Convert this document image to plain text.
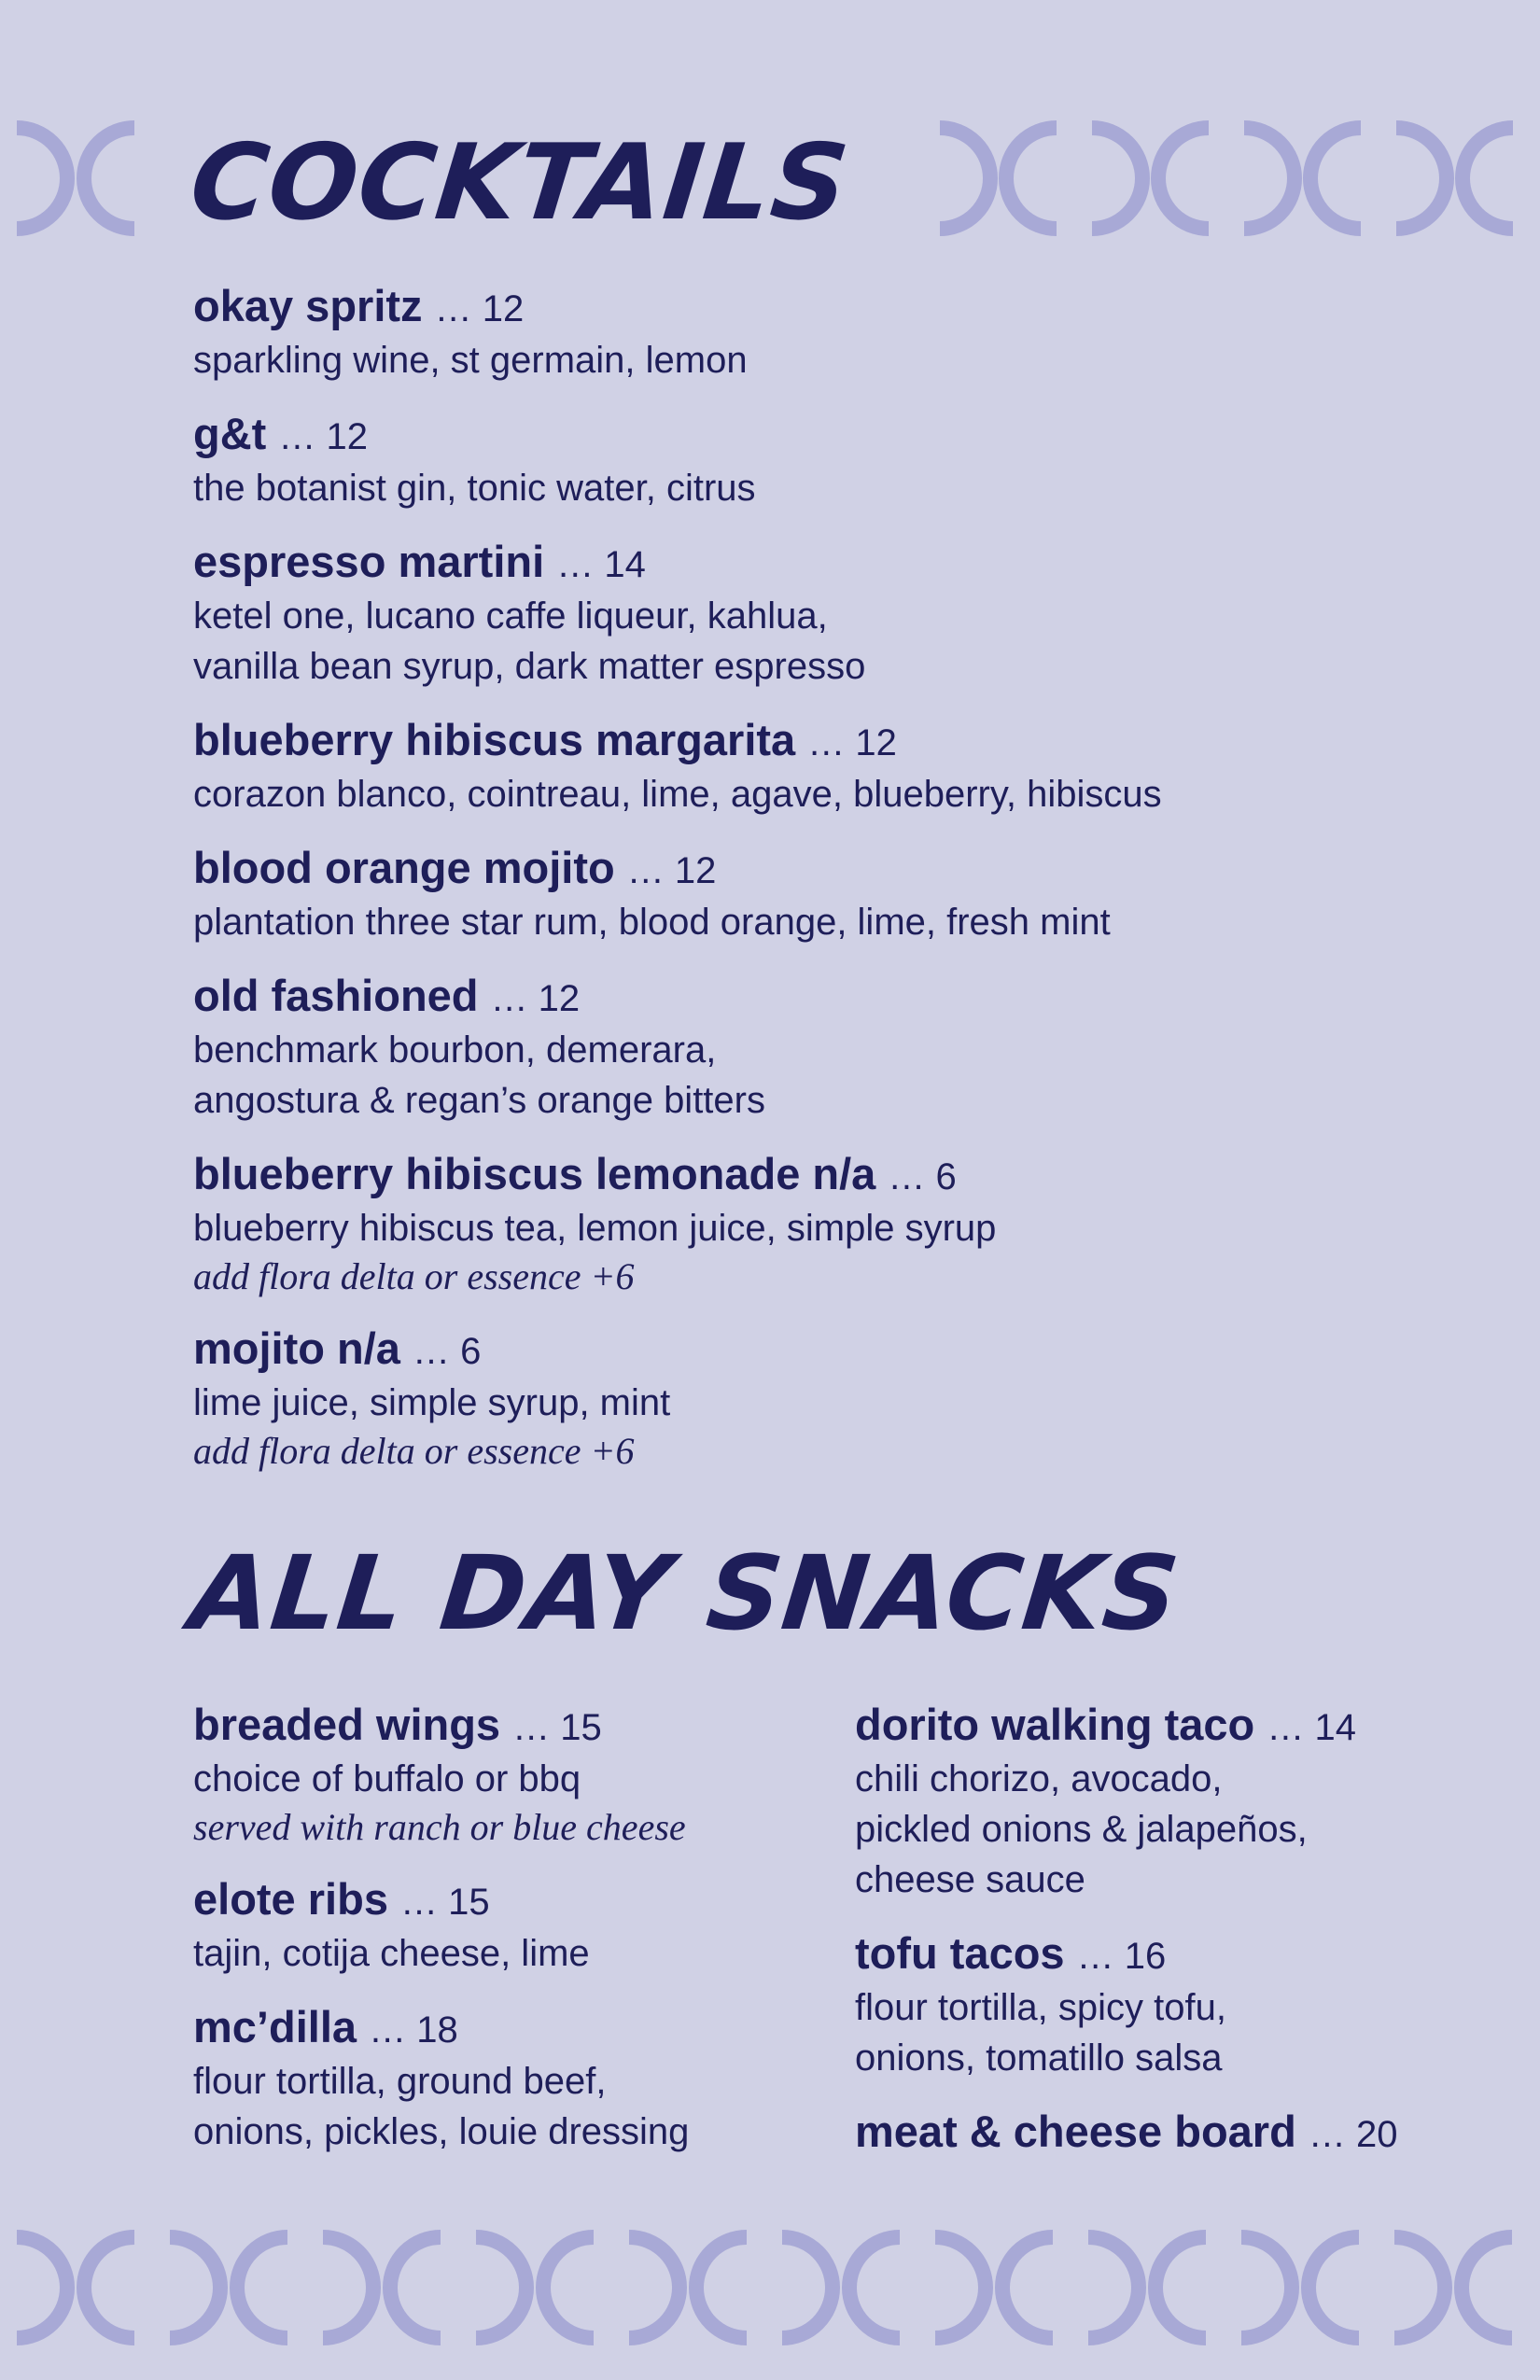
COCKTAILS
okay spritz … 12
sparkling wine, st germain, lemon
g&t … 12
the botanist gin, tonic water, citrus
espresso martini … 14
ketel one, lucano caffe liqueur, kahlua,
vanilla bean syrup, dark matter espresso
blueberry hibiscus margarita … 12
corazon blanco, cointreau, lime, agave, blueberry, hibiscus
blood orange mojito … 12
plantation three star rum, blood orange, lime, fresh mint
old fashioned … 12
benchmark bourbon, demerara,
angostura & regan’s orange bitters
blueberry hibiscus lemonade n/a … 6
blueberry hibiscus tea, lemon juice, simple syrup
add flora delta or essence +6
mojito n/a … 6
lime juice, simple syrup, mint
add flora delta or essence +6
ALL DAY SNACKS
breaded wings … 15
choice of buffalo or bbq
served with ranch or blue cheese
elote ribs … 15
tajin, cotija cheese, lime
mc’dilla … 18
flour tortilla, ground beef,
onions, pickles, louie dressing
dorito walking taco … 14
chili chorizo, avocado,
pickled onions & jalapeños,
cheese sauce
tofu tacos … 16
flour tortilla, spicy tofu,
onions, tomatillo salsa
meat & cheese board … 20
